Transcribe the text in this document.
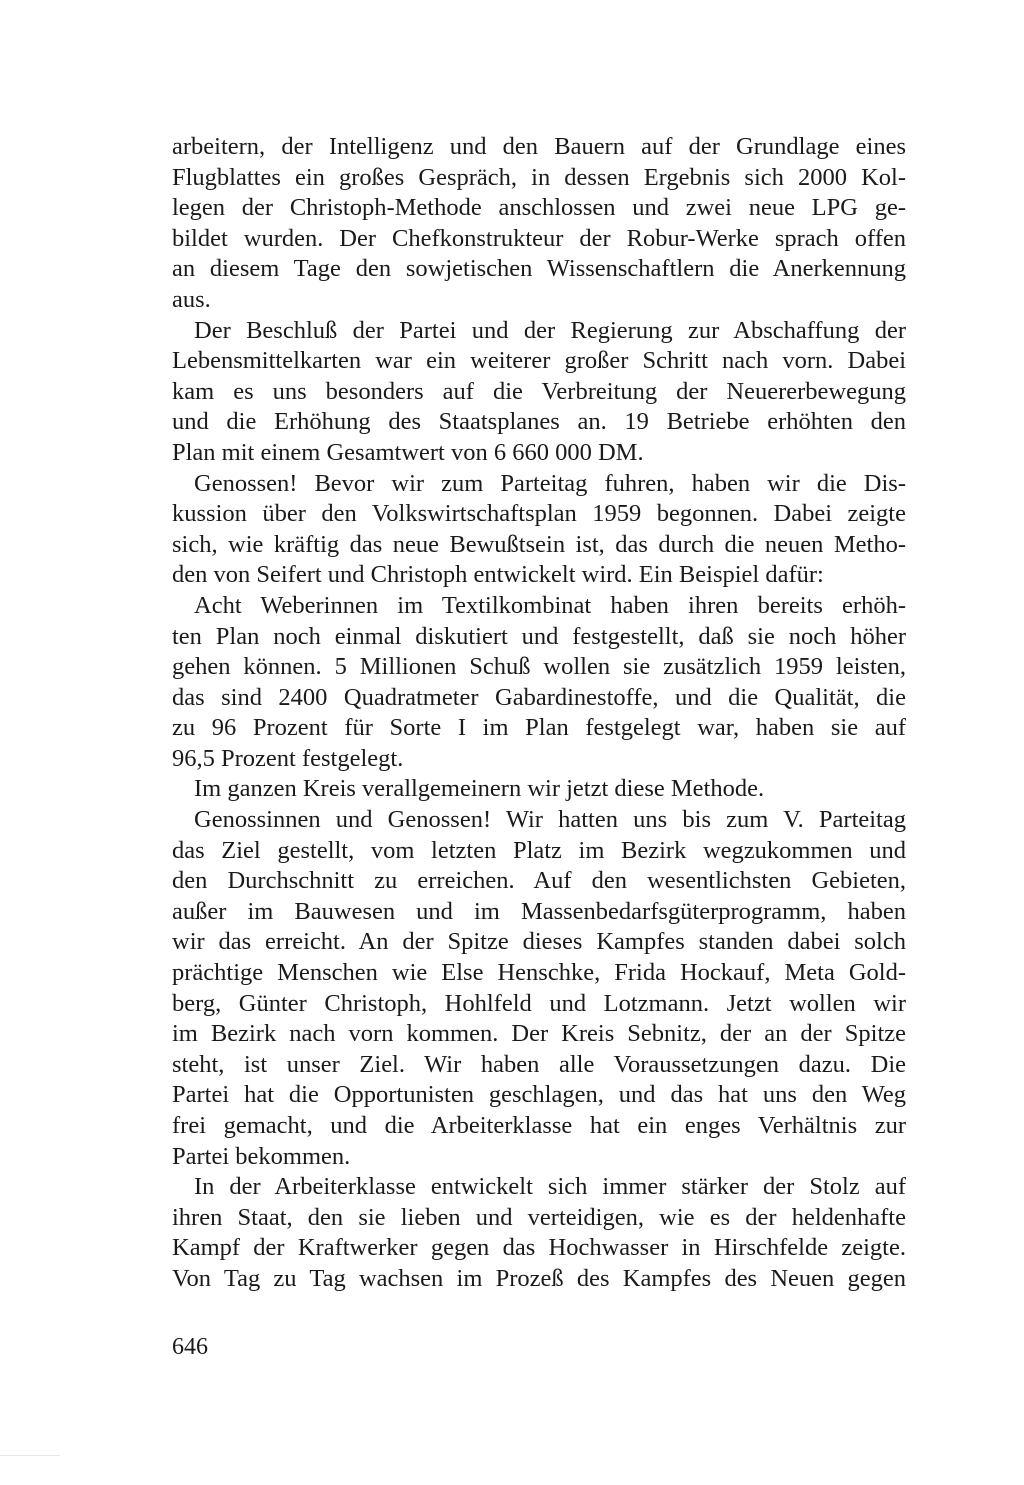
arbeitern, der Intelligenz und den Bauern auf der Grundlage eines
Flugblattes ein großes Gespräch, in dessen Ergebnis sich 2000 Kol-
legen der Christoph-Methode anschlossen und zwei neue LPG ge-
bildet wurden. Der Chefkonstrukteur der Robur-Werke sprach offen
an diesem Tage den sowjetischen Wissenschaftlern die Anerkennung
aus.
Der Beschluß der Partei und der Regierung zur Abschaffung der
Lebensmittelkarten war ein weiterer großer Schritt nach vorn. Dabei
kam es uns besonders auf die Verbreitung der Neuererbewegung
und die Erhöhung des Staatsplanes an. 19 Betriebe erhöhten den
Plan mit einem Gesamtwert von 6 660 000 DM.
Genossen! Bevor wir zum Parteitag fuhren, haben wir die Dis-
kussion über den Volkswirtschaftsplan 1959 begonnen. Dabei zeigte
sich, wie kräftig das neue Bewußtsein ist, das durch die neuen Metho-
den von Seifert und Christoph entwickelt wird. Ein Beispiel dafür:
Acht Weberinnen im Textilkombinat haben ihren bereits erhöh-
ten Plan noch einmal diskutiert und festgestellt, daß sie noch höher
gehen können. 5 Millionen Schuß wollen sie zusätzlich 1959 leisten,
das sind 2400 Quadratmeter Gabardinestoffe, und die Qualität, die
zu 96 Prozent für Sorte I im Plan festgelegt war, haben sie auf
96,5 Prozent festgelegt.
Im ganzen Kreis verallgemeinern wir jetzt diese Methode.
Genossinnen und Genossen! Wir hatten uns bis zum V. Parteitag
das Ziel gestellt, vom letzten Platz im Bezirk wegzukommen und
den Durchschnitt zu erreichen. Auf den wesentlichsten Gebieten,
außer im Bauwesen und im Massenbedarfsgüterprogramm, haben
wir das erreicht. An der Spitze dieses Kampfes standen dabei solch
prächtige Menschen wie Else Henschke, Frida Hockauf, Meta Gold-
berg, Günter Christoph, Hohlfeld und Lotzmann. Jetzt wollen wir
im Bezirk nach vorn kommen. Der Kreis Sebnitz, der an der Spitze
steht, ist unser Ziel. Wir haben alle Voraussetzungen dazu. Die
Partei hat die Opportunisten geschlagen, und das hat uns den Weg
frei gemacht, und die Arbeiterklasse hat ein enges Verhältnis zur
Partei bekommen.
In der Arbeiterklasse entwickelt sich immer stärker der Stolz auf
ihren Staat, den sie lieben und verteidigen, wie es der heldenhafte
Kampf der Kraftwerker gegen das Hochwasser in Hirschfelde zeigte.
Von Tag zu Tag wachsen im Prozeß des Kampfes des Neuen gegen
646
